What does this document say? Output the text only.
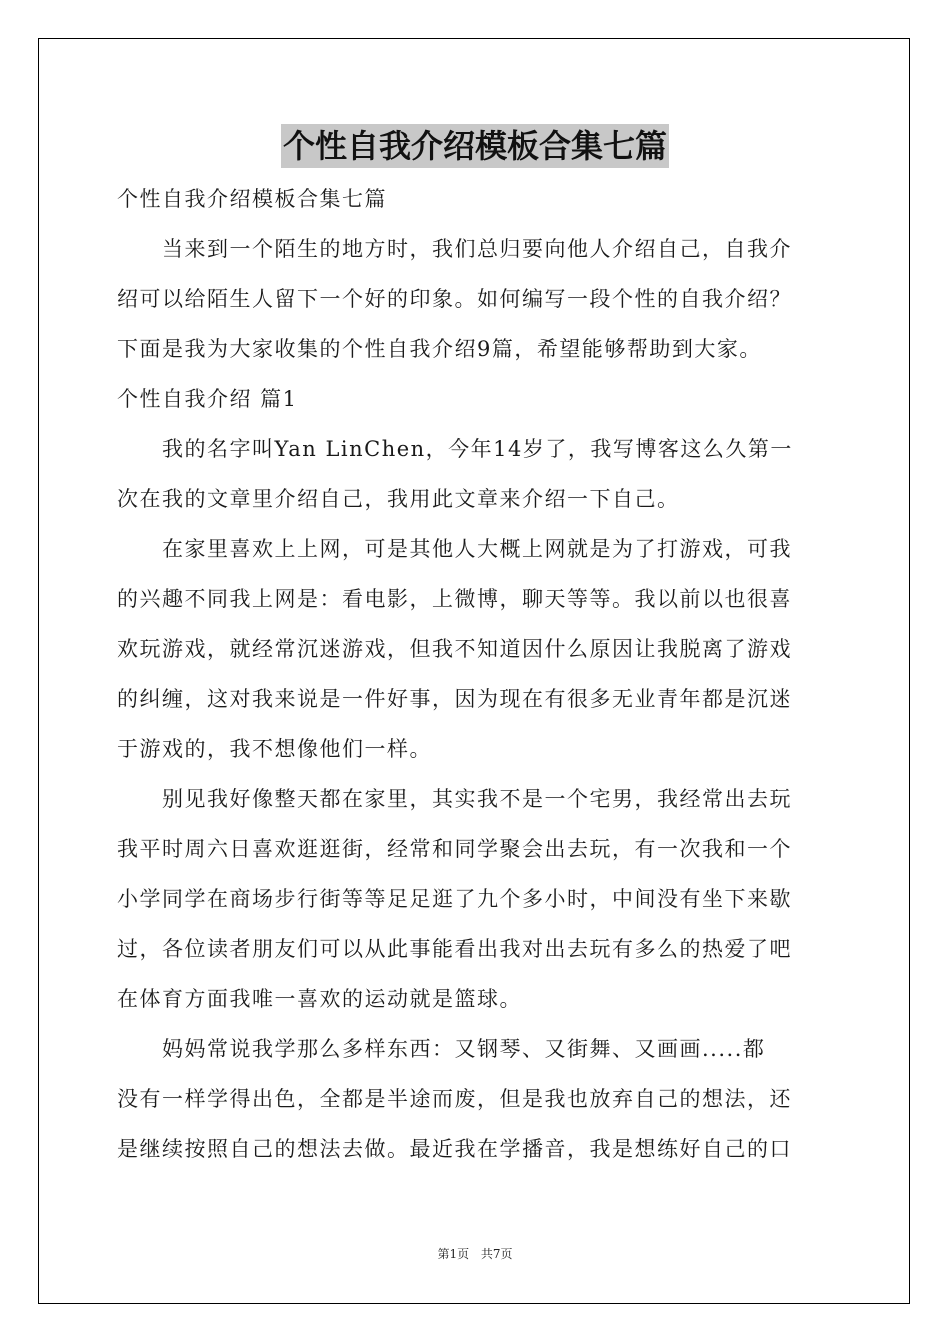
个性自我介绍模板合集七篇
个性自我介绍模板合集七篇
　　当来到一个陌生的地方时，我们总归要向他人介绍自己，自我介
绍可以给陌生人留下一个好的印象。如何编写一段个性的自我介绍？
下面是我为大家收集的个性自我介绍9篇，希望能够帮助到大家。
个性自我介绍 篇1
　　我的名字叫Yan LinChen，今年14岁了，我写博客这么久第一
次在我的文章里介绍自己，我用此文章来介绍一下自己。
　　在家里喜欢上上网，可是其他人大概上网就是为了打游戏，可我
的兴趣不同我上网是：看电影，上微博，聊天等等。我以前以也很喜
欢玩游戏，就经常沉迷游戏，但我不知道因什么原因让我脱离了游戏
的纠缠，这对我来说是一件好事，因为现在有很多无业青年都是沉迷
于游戏的，我不想像他们一样。
　　别见我好像整天都在家里，其实我不是一个宅男，我经常出去玩
我平时周六日喜欢逛逛街，经常和同学聚会出去玩，有一次我和一个
小学同学在商场步行街等等足足逛了九个多小时，中间没有坐下来歇
过，各位读者朋友们可以从此事能看出我对出去玩有多么的热爱了吧
在体育方面我唯一喜欢的运动就是篮球。
　　妈妈常说我学那么多样东西：又钢琴、又街舞、又画画.....都
没有一样学得出色，全都是半途而废，但是我也放弃自己的想法，还
是继续按照自己的想法去做。最近我在学播音，我是想练好自己的口
第1页 共7页
